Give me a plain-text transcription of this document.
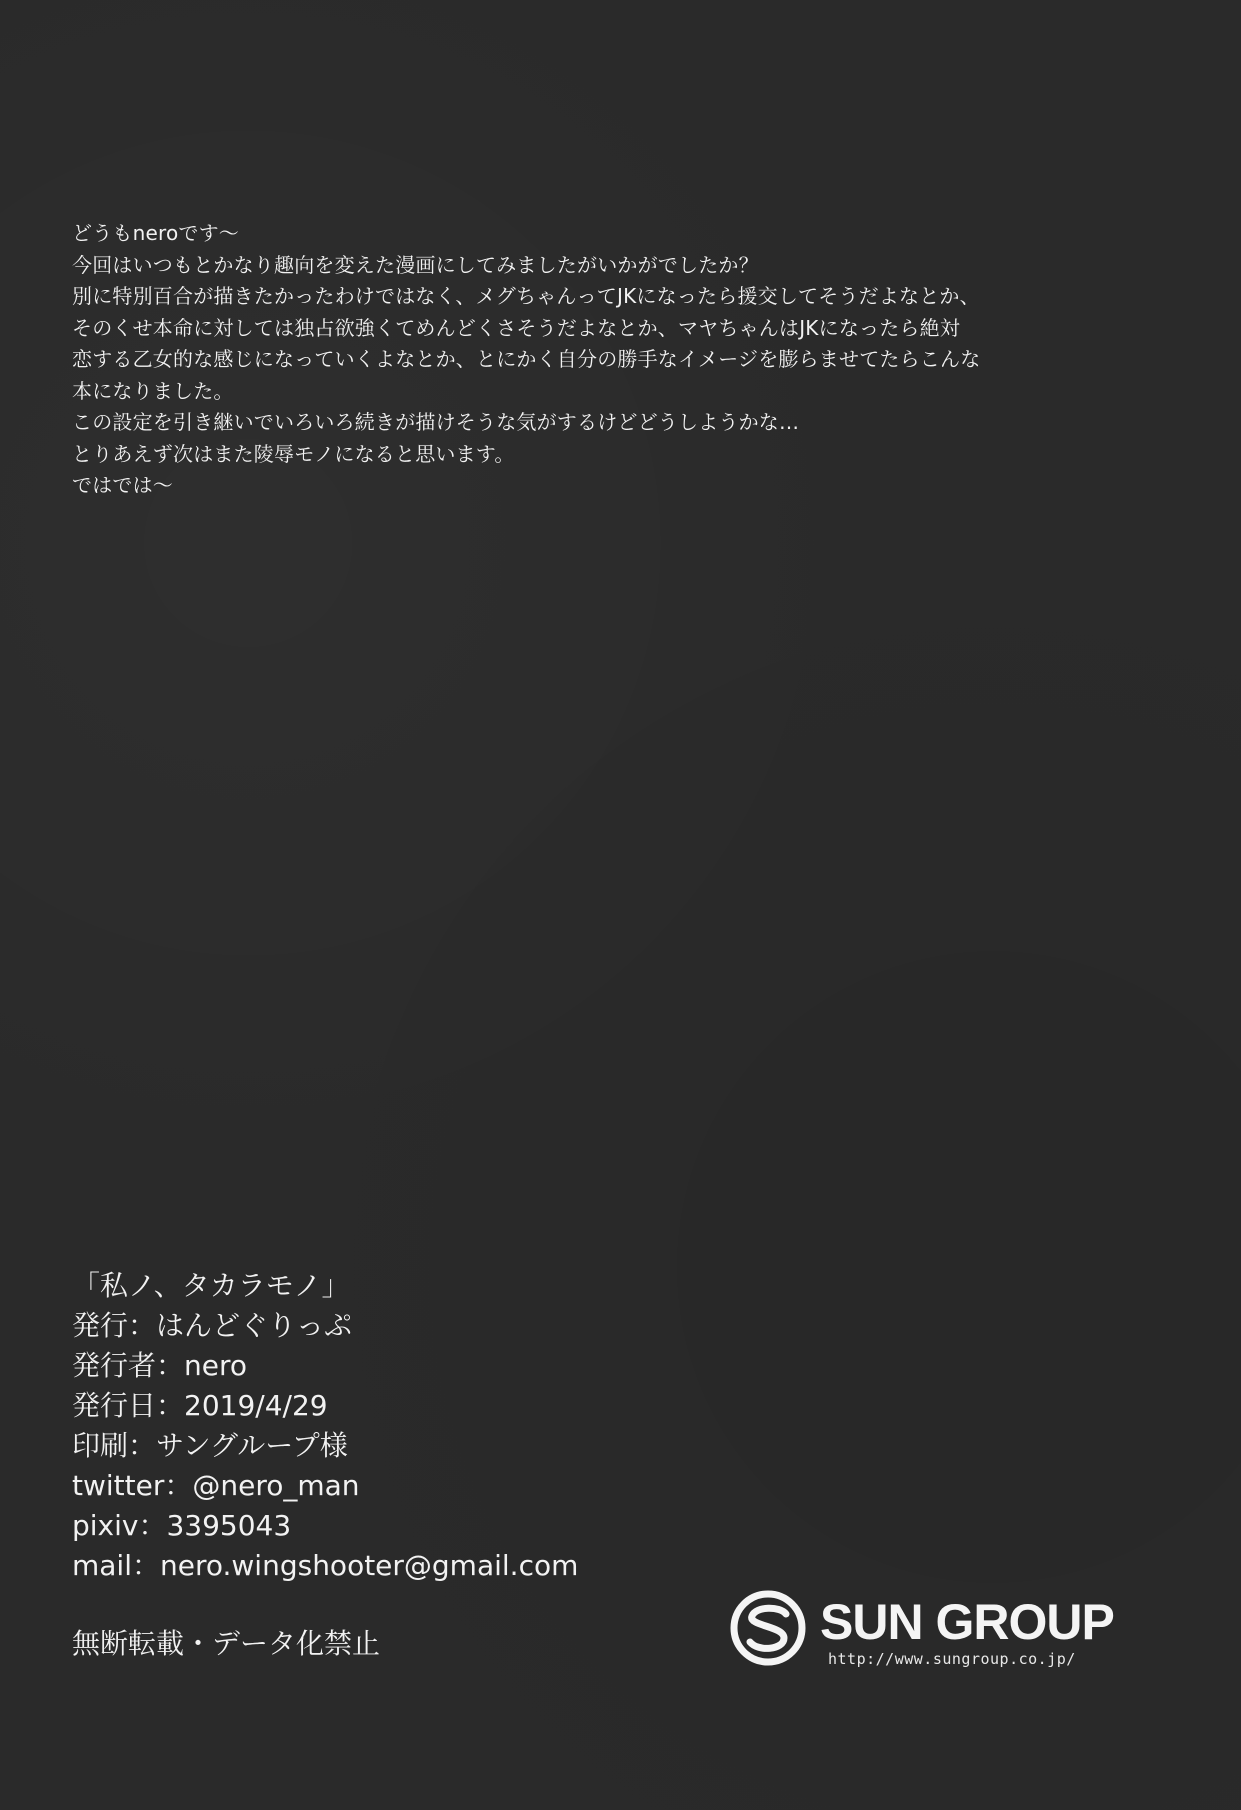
どうもneroです～
今回はいつもとかなり趣向を変えた漫画にしてみましたがいかがでしたか？
別に特別百合が描きたかったわけではなく、メグちゃんってJKになったら援交してそうだよなとか、
そのくせ本命に対しては独占欲強くてめんどくさそうだよなとか、マヤちゃんはJKになったら絶対
恋する乙女的な感じになっていくよなとか、とにかく自分の勝手なイメージを膨らませてたらこんな
本になりました。
この設定を引き継いでいろいろ続きが描けそうな気がするけどどうしようかな…
とりあえず次はまた陵辱モノになると思います。
ではでは～
「私ノ、タカラモノ」
発行：はんどぐりっぷ
発行者：nero
発行日：2019/4/29
印刷：サングループ様
twitter：@nero_man
pixiv：3395043
mail：nero.wingshooter@gmail.com
無断転載・データ化禁止	SUN GROUP
http://www.sungroup.co.jp/
